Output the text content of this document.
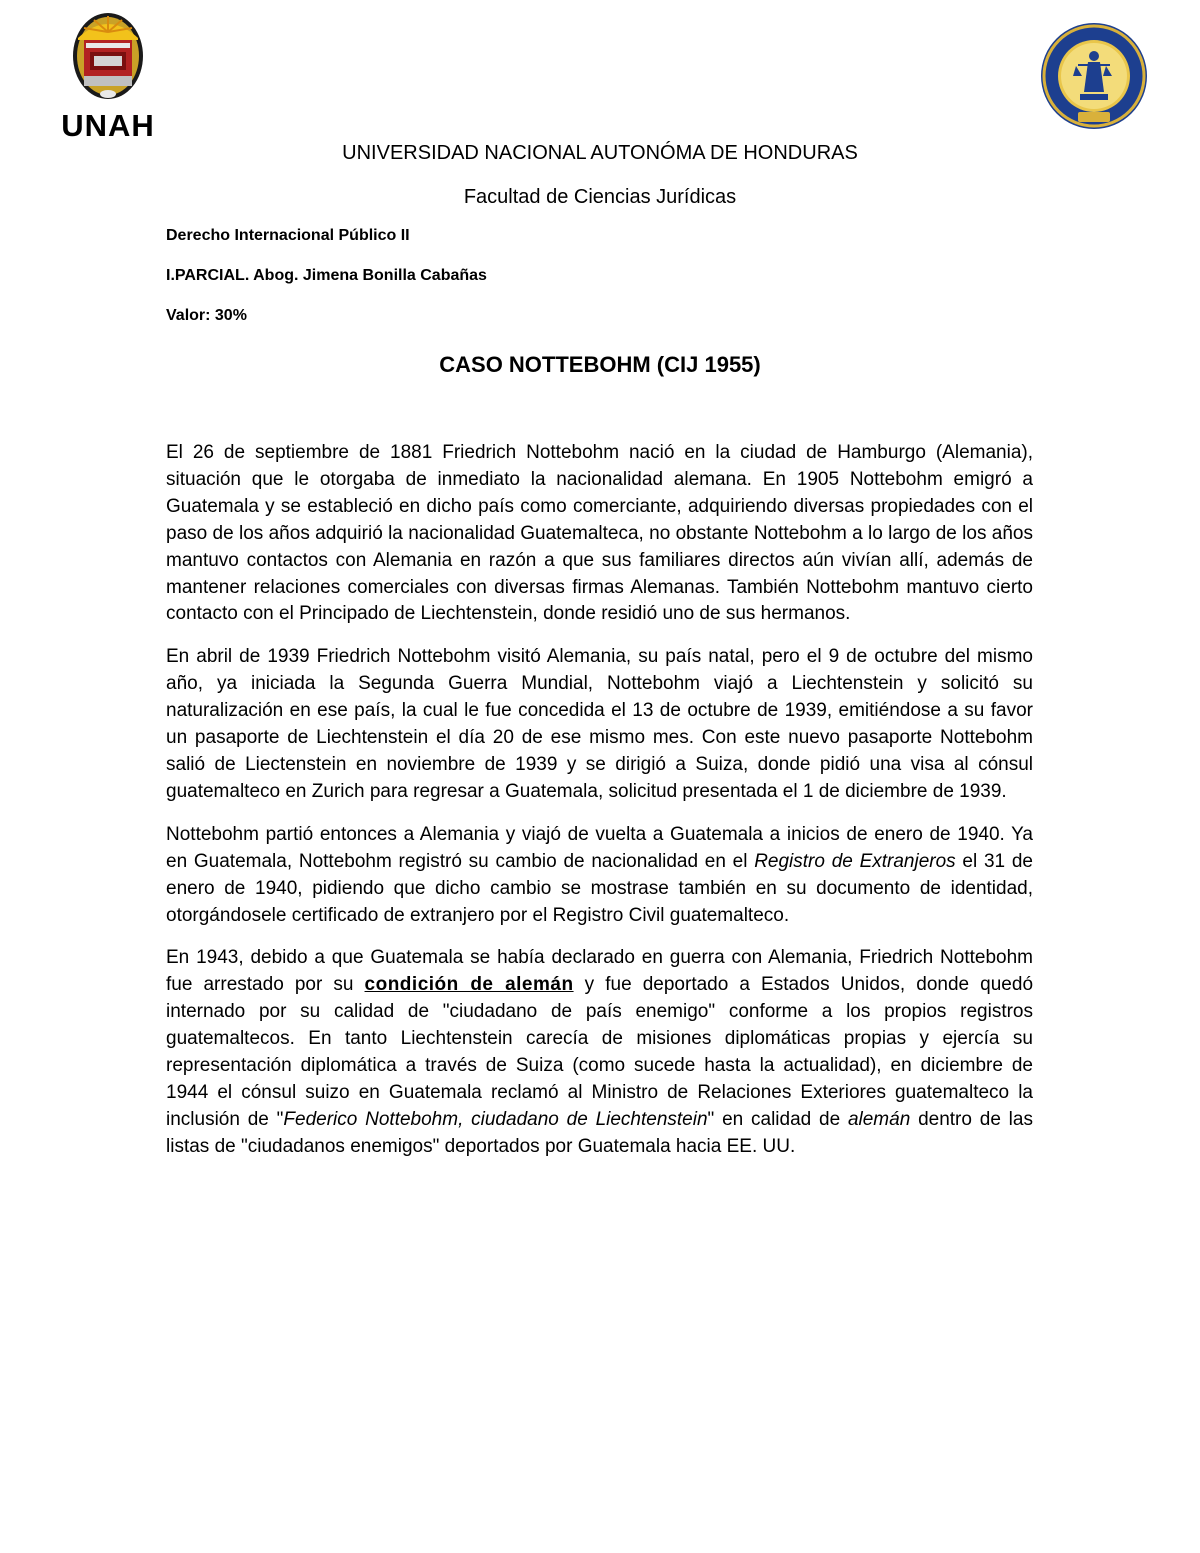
UNAH

UNIVERSIDAD NACIONAL AUTONÓMA DE HONDURAS

Facultad de Ciencias Jurídicas

Derecho Internacional Público II

I.PARCIAL. Abog. Jimena Bonilla Cabañas

Valor: 30%

CASO NOTTEBOHM (CIJ 1955)

El 26 de septiembre de 1881 Friedrich Nottebohm nació en la ciudad de Hamburgo (Alemania), situación que le otorgaba de inmediato la nacionalidad alemana. En 1905 Nottebohm emigró a Guatemala y se estableció en dicho país como comerciante, adquiriendo diversas propiedades con el paso de los años adquirió la nacionalidad Guatemalteca, no obstante Nottebohm a lo largo de los años mantuvo contactos con Alemania en razón a que sus familiares directos aún vivían allí, además de mantener relaciones comerciales con diversas firmas Alemanas. También Nottebohm mantuvo cierto contacto con el Principado de Liechtenstein, donde residió uno de sus hermanos.

En abril de 1939 Friedrich Nottebohm visitó Alemania, su país natal, pero el 9 de octubre del mismo año, ya iniciada la Segunda Guerra Mundial, Nottebohm viajó a Liechtenstein y solicitó su naturalización en ese país, la cual le fue concedida el 13 de octubre de 1939, emitiéndose a su favor un pasaporte de Liechtenstein el día 20 de ese mismo mes. Con este nuevo pasaporte Nottebohm salió de Liectenstein en noviembre de 1939 y se dirigió a Suiza, donde pidió una visa al cónsul guatemalteco en Zurich para regresar a Guatemala, solicitud presentada el 1 de diciembre de 1939.

Nottebohm partió entonces a Alemania y viajó de vuelta a Guatemala a inicios de enero de 1940. Ya en Guatemala, Nottebohm registró su cambio de nacionalidad en el Registro de Extranjeros el 31 de enero de 1940, pidiendo que dicho cambio se mostrase también en su documento de identidad, otorgándosele certificado de extranjero por el Registro Civil guatemalteco.

En 1943, debido a que Guatemala se había declarado en guerra con Alemania, Friedrich Nottebohm fue arrestado por su condición de alemán y fue deportado a Estados Unidos, donde quedó internado por su calidad de "ciudadano de país enemigo" conforme a los propios registros guatemaltecos. En tanto Liechtenstein carecía de misiones diplomáticas propias y ejercía su representación diplomática a través de Suiza (como sucede hasta la actualidad), en diciembre de 1944 el cónsul suizo en Guatemala reclamó al Ministro de Relaciones Exteriores guatemalteco la inclusión de "Federico Nottebohm, ciudadano de Liechtenstein" en calidad de alemán dentro de las listas de "ciudadanos enemigos" deportados por Guatemala hacia EE. UU.
